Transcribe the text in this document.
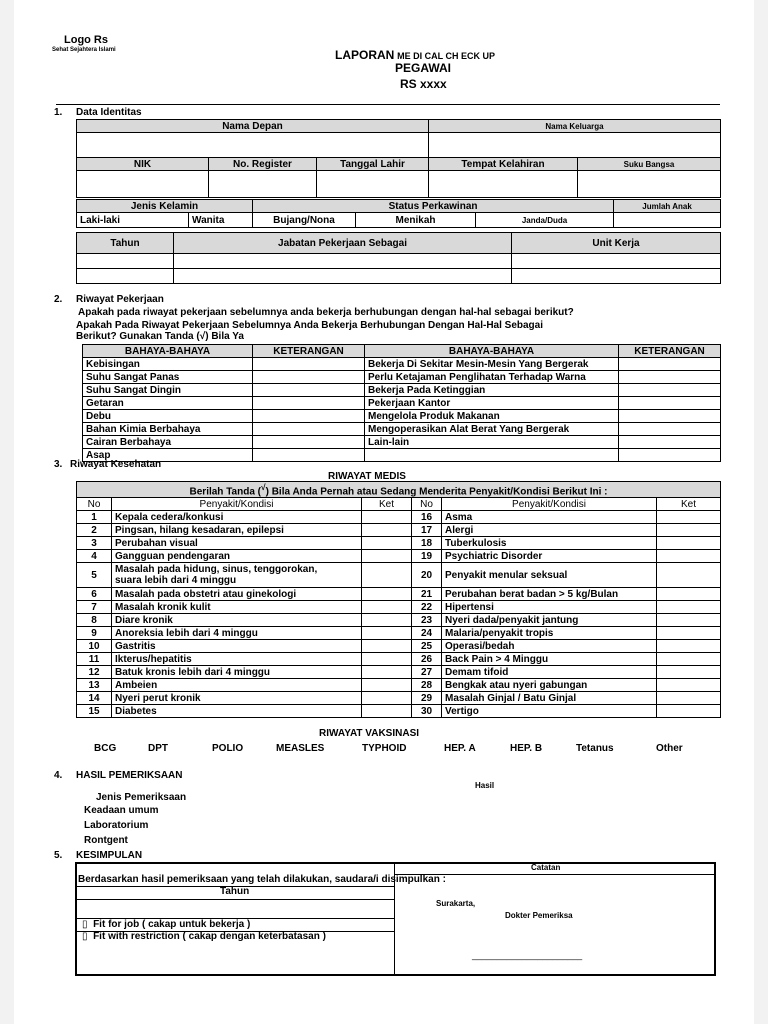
Logo Rs
Sehat Sejahtera Islami	LAPORAN ME DI CAL CH ECK UP
PEGAWAI
RS xxxx
1. Data Identitas
Nama Depan	Nama Keluarga

NIK	No. Register	Tanggal Lahir	Tempat Kelahiran	Suku Bangsa

Jenis Kelamin		Status Perkawinan			Jumlah Anak
Laki-laki	Wanita	Bujang/Nona	Menikah	Janda/Duda	
Tahun	Jabatan Pekerjaan Sebagai	Unit Kerja

2. Riwayat Pekerjaan
Apakah pada riwayat pekerjaan sebelumnya anda bekerja berhubungan dengan hal-hal sebagai berikut?
Apakah Pada Riwayat Pekerjaan Sebelumnya Anda Bekerja Berhubungan Dengan Hal-Hal Sebagai
Berikut? Gunakan Tanda (√) Bila Ya
BAHAYA-BAHAYA	KETERANGAN	BAHAYA-BAHAYA	KETERANGAN
Kebisingan		Bekerja Di Sekitar Mesin-Mesin Yang Bergerak	
Suhu Sangat Panas		Perlu Ketajaman Penglihatan Terhadap Warna	
Suhu Sangat Dingin		Bekerja Pada Ketinggian	
Getaran		Pekerjaan Kantor	
Debu		Mengelola Produk Makanan	
Bahan Kimia Berbahaya		Mengoperasikan Alat Berat Yang Bergerak	
Cairan Berbahaya		Lain-lain	
Asap			
3. Riwayat Kesehatan
RIWAYAT MEDIS
Berilah Tanda (√) Bila Anda Pernah atau Sedang Menderita Penyakit/Kondisi Berikut Ini :					
No	Penyakit/Kondisi	Ket	No	Penyakit/Kondisi	Ket
1	Kepala cedera/konkusi		16	Asma	
2	Pingsan, hilang kesadaran, epilepsi		17	Alergi	
3	Perubahan visual		18	Tuberkulosis	
4	Gangguan pendengaran		19	Psychiatric Disorder	
5	Masalah pada hidung, sinus, tenggorokan,
suara lebih dari 4 minggu		20	Penyakit menular seksual	
6	Masalah pada obstetri atau ginekologi		21	Perubahan berat badan > 5 kg/Bulan	
7	Masalah kronik kulit		22	Hipertensi	
8	Diare kronik		23	Nyeri dada/penyakit jantung	
9	Anoreksia lebih dari 4 minggu		24	Malaria/penyakit tropis	
10	Gastritis		25	Operasi/bedah	
11	Ikterus/hepatitis		26	Back Pain > 4 Minggu	
12	Batuk kronis lebih dari 4 minggu		27	Demam tifoid	
13	Ambeien		28	Bengkak atau nyeri gabungan	
14	Nyeri perut kronik		29	Masalah Ginjal / Batu Ginjal	
15	Diabetes		30	Vertigo	
RIWAYAT VAKSINASI
BCG	DPT	POLIO	MEASLES	TYPHOID	HEP. A	HEP. B	Tetanus	Other
4. HASIL PEMERIKSAAN
Hasil
Jenis Pemeriksaan
Keadaan umum
Laboratorium
Rontgent
5. KESIMPULAN
Catatan
Berdasarkan hasil pemeriksaan yang telah dilakukan, saudara/i disimpulkan :
Tahun
▯ Fit for job ( cakap untuk bekerja )
▯ Fit with restriction ( cakap dengan keterbatasan )
Surakarta,
Dokter Pemeriksa
______________________
